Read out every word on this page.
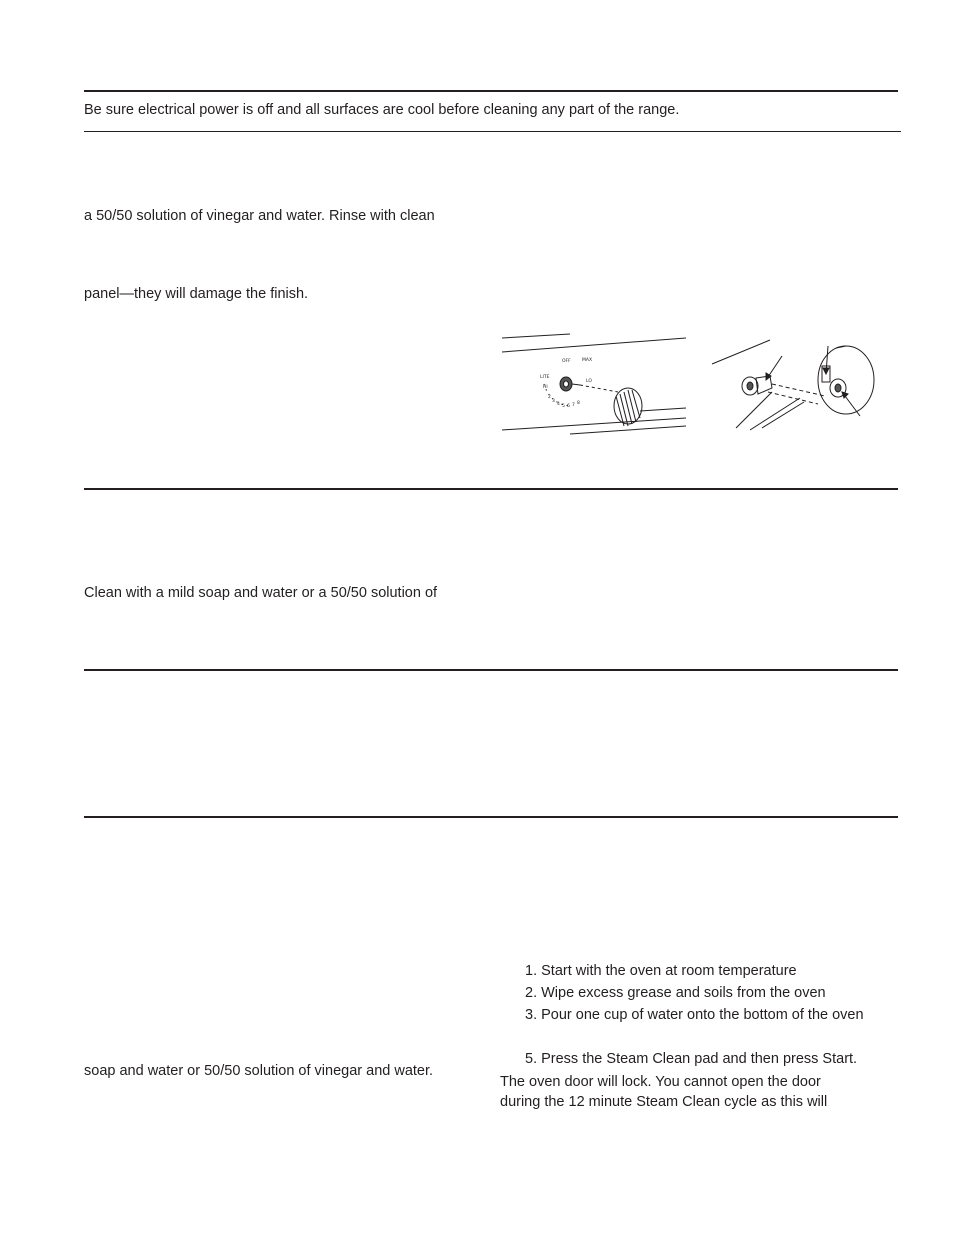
Be sure electrical power is off and all surfaces are cool before cleaning any part of the range.

a 50/50 solution of vinegar and water. Rinse with clean

panel—they will damage the finish.

OFF	MAX
LITE
HI
LO
2
3
4 5 6 7 8

Clean with a mild soap and water or a 50/50 solution of

1. Start with the oven at room temperature
2. Wipe excess grease and soils from the oven
3. Pour one cup of water onto the bottom of the oven
5. Press the Steam Clean pad and then press Start.

soap and water or 50/50 solution of vinegar and water.

The oven door will lock. You cannot open the door
during the 12 minute Steam Clean cycle as this will
